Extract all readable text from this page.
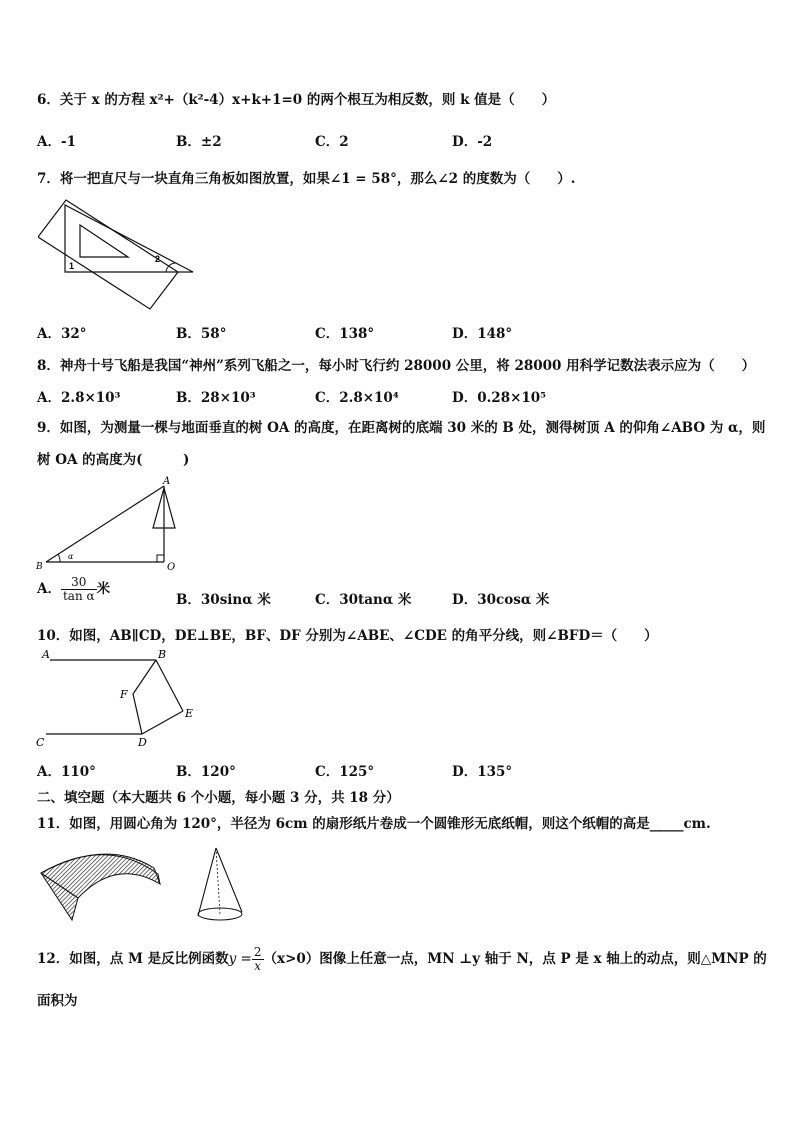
6．关于 x 的方程 x²+（k²-4）x+k+1=0 的两个根互为相反数，则 k 值是（　　）
A．-1	B．±2	C．2	D．-2
7．将一把直尺与一块直角三角板如图放置，如果∠1 = 58°，那么∠2 的度数为（　　）.
1
2
A．32°	B．58°	C．138°	D．148°
8．神舟十号飞船是我国“神州”系列飞船之一，每小时飞行约 28000 公里，将 28000 用科学记数法表示应为（　　）
A．2.8×10³	B．28×10³	C．2.8×10⁴	D．0.28×10⁵
9．如图，为测量一棵与地面垂直的树 OA 的高度，在距离树的底端 30 米的 B 处，测得树顶 A 的仰角∠ABO 为 α，则
树 OA 的高度为(　　　)
A
B	O
α
A． $\frac{30}{\text{tan α}}$ 米
B．30sinα 米	C．30tanα 米	D．30cosα 米
10．如图，AB∥CD，DE⊥BE，BF、DF 分别为∠ABE、∠CDE 的角平分线，则∠BFD＝（　　）
A	B
F
E
C	D
A．110°	B．120°	C．125°	D．135°
二、填空题（本大题共 6 个小题，每小题 3 分，共 18 分）
11．如图，用圆心角为 120°，半径为 6cm 的扇形纸片卷成一个圆锥形无底纸帽，则这个纸帽的高是_____cm.
12．如图，点 M 是反比例函数$y = \frac{2}{x} (x>0)$图像上任意一点，MN ⊥y 轴于 N，点 P 是 x 轴上的动点，则△MNP 的
面积为
